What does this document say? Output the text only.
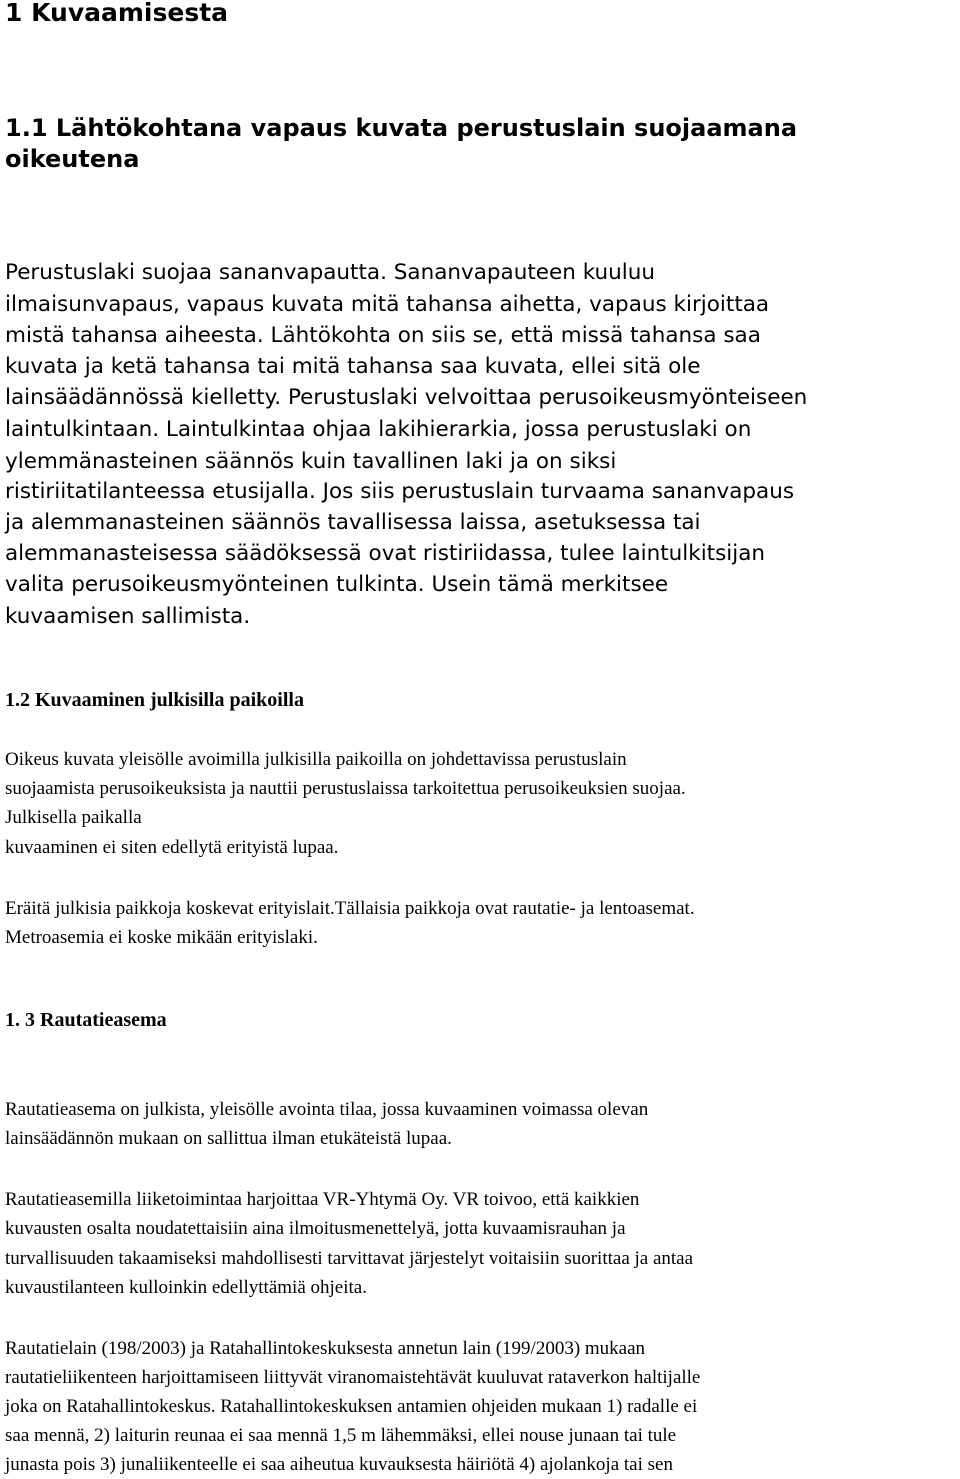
1 Kuvaamisesta
1.1 Lähtökohtana vapaus kuvata perustuslain suojaamana oikeutena
Perustuslaki suojaa sananvapautta. Sananvapauteen kuuluu
ilmaisunvapaus, vapaus kuvata mitä tahansa aihetta, vapaus kirjoittaa
mistä tahansa aiheesta. Lähtökohta on siis se, että missä tahansa saa
kuvata ja ketä tahansa tai mitä tahansa saa kuvata, ellei sitä ole
lainsäädännössä kielletty. Perustuslaki velvoittaa perusoikeusmyönteiseen
laintulkintaan. Laintulkintaa ohjaa lakihierarkia, jossa perustuslaki on
ylemmänasteinen säännös kuin tavallinen laki ja on siksi
ristiriitatilanteessa etusijalla. Jos siis perustuslain turvaama sananvapaus
ja alemmanasteinen säännös tavallisessa laissa, asetuksessa tai
alemmanasteisessa säädöksessä ovat ristiriidassa, tulee laintulkitsijan
valita perusoikeusmyönteinen tulkinta. Usein tämä merkitsee
kuvaamisen sallimista.
1.2 Kuvaaminen julkisilla paikoilla
Oikeus kuvata yleisölle avoimilla julkisilla paikoilla on johdettavissa perustuslain
suojaamista perusoikeuksista ja nauttii perustuslaissa tarkoitettua perusoikeuksien suojaa.
Julkisella paikalla
kuvaaminen ei siten edellytä erityistä lupaa.
Eräitä julkisia paikkoja koskevat erityislait.Tällaisia paikkoja ovat rautatie- ja lentoasemat.
Metroasemia ei koske mikään erityislaki.
1. 3 Rautatieasema
Rautatieasema on julkista, yleisölle avointa tilaa, jossa kuvaaminen voimassa olevan
lainsäädännön mukaan on sallittua ilman etukäteistä lupaa.
Rautatieasemilla liiketoimintaa harjoittaa VR-Yhtymä Oy. VR toivoo, että kaikkien
kuvausten osalta noudatettaisiin aina ilmoitusmenettelyä, jotta kuvaamisrauhan ja
turvallisuuden takaamiseksi mahdollisesti tarvittavat järjestelyt voitaisiin suorittaa ja antaa
kuvaustilanteen kulloinkin edellyttämiä ohjeita.
Rautatielain (198/2003) ja Ratahallintokeskuksesta annetun lain (199/2003) mukaan
rautatieliikenteen harjoittamiseen liittyvät viranomaistehtävät kuuluvat rataverkon haltijalle
joka on Ratahallintokeskus. Ratahallintokeskuksen antamien ohjeiden mukaan 1) radalle ei
saa mennä, 2) laiturin reunaa ei saa mennä 1,5 m lähemmäksi, ellei nouse junaan tai tule
junasta pois 3) junaliikenteelle ei saa aiheutua kuvauksesta häiriötä 4) ajolankoja tai sen
